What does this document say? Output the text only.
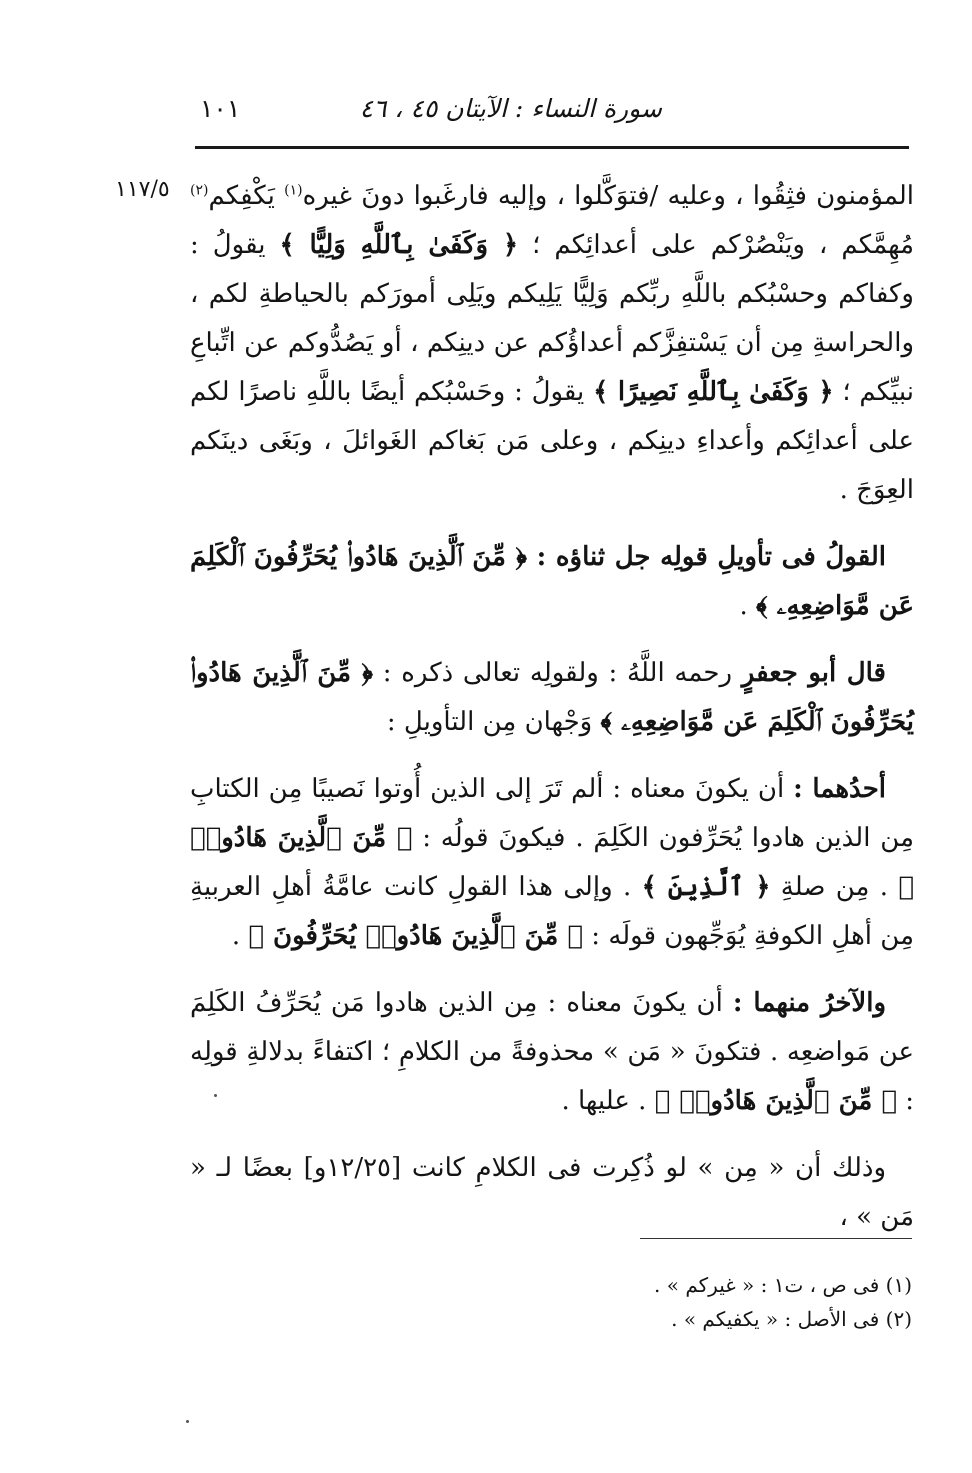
سورة النساء : الآيتان ٤٥ ، ٤٦
١٠١
١١٧/٥	المؤمنون فثِقُوا ، وعليه /فتوَكَّلوا ، وإليه فارغَبوا دونَ غيره$^{(١)}$ يَكْفِكم$^{(٢)}$ مُهِمَّكم ، ويَنْصُرْكم على أعدائِكم ؛ ﴿ وَكَفَىٰ بِٱللَّهِ وَلِيًّا ﴾ يقولُ : وكفاكم وحسْبُكم باللَّهِ ربِّكم وَلِيًّا يَلِيكم ويَلِى أمورَكم بالحياطةِ لكم ، والحراسةِ مِن أن يَسْتفِزَّكم أعداؤُكم عن دينِكم ، أو يَصُدُّوكم عن اتِّباعِ نبيِّكم ؛ ﴿ وَكَفَىٰ بِٱللَّهِ نَصِيرًا ﴾ يقولُ : وحَسْبُكم أيضًا باللَّهِ ناصرًا لكم على أعدائِكم وأعداءِ دينِكم ، وعلى مَن بَغاكم الغَوائلَ ، وبَغَى دينَكم العِوَجَ .

القولُ فى تأويلِ قولِه جل ثناؤه : ﴿ مِّنَ ٱلَّذِينَ هَادُوا۟ يُحَرِّفُونَ ٱلْكَلِمَ عَن مَّوَاضِعِهِۦ ﴾ .

قال أبو جعفرٍ رحمه اللَّهُ : ولقولِه تعالى ذكره : ﴿ مِّنَ ٱلَّذِينَ هَادُوا۟ يُحَرِّفُونَ ٱلْكَلِمَ عَن مَّوَاضِعِهِۦ ﴾ وَجْهان مِن التأويلِ :

أحدُهما : أن يكونَ معناه : ألم تَرَ إلى الذين أُوتوا نَصيبًا مِن الكتابِ مِن الذين هادوا يُحَرِّفون الكَلِمَ . فيكونَ قولُه : ﴿ مِّنَ ٱلَّذِينَ هَادُوا۟ ﴾ . مِن صلةِ ﴿ ٱلَّذِينَ ﴾ . وإلى هذا القولِ كانت عامَّةُ أهلِ العربيةِ مِن أهلِ الكوفةِ يُوَجِّهون قولَه : ﴿ مِّنَ ٱلَّذِينَ هَادُوا۟ يُحَرِّفُونَ ﴾ .

والآخرُ منهما : أن يكونَ معناه : مِن الذين هادوا مَن يُحَرِّفُ الكَلِمَ عن مَواضعِه . فتكونَ « مَن » محذوفةً من الكلامِ ؛ اكتفاءً بدلالةِ قولِه : ﴿ مِّنَ ٱلَّذِينَ هَادُوا۟ ﴾ . عليها .

وذلك أن « مِن » لو ذُكِرت فى الكلامِ كانت [١٢/٢٥و] بعضًا لـ « مَن » ،

(١) فى ص ، ت١ : « غيركم » .

(٢) فى الأصل : « يكفيكم » .
